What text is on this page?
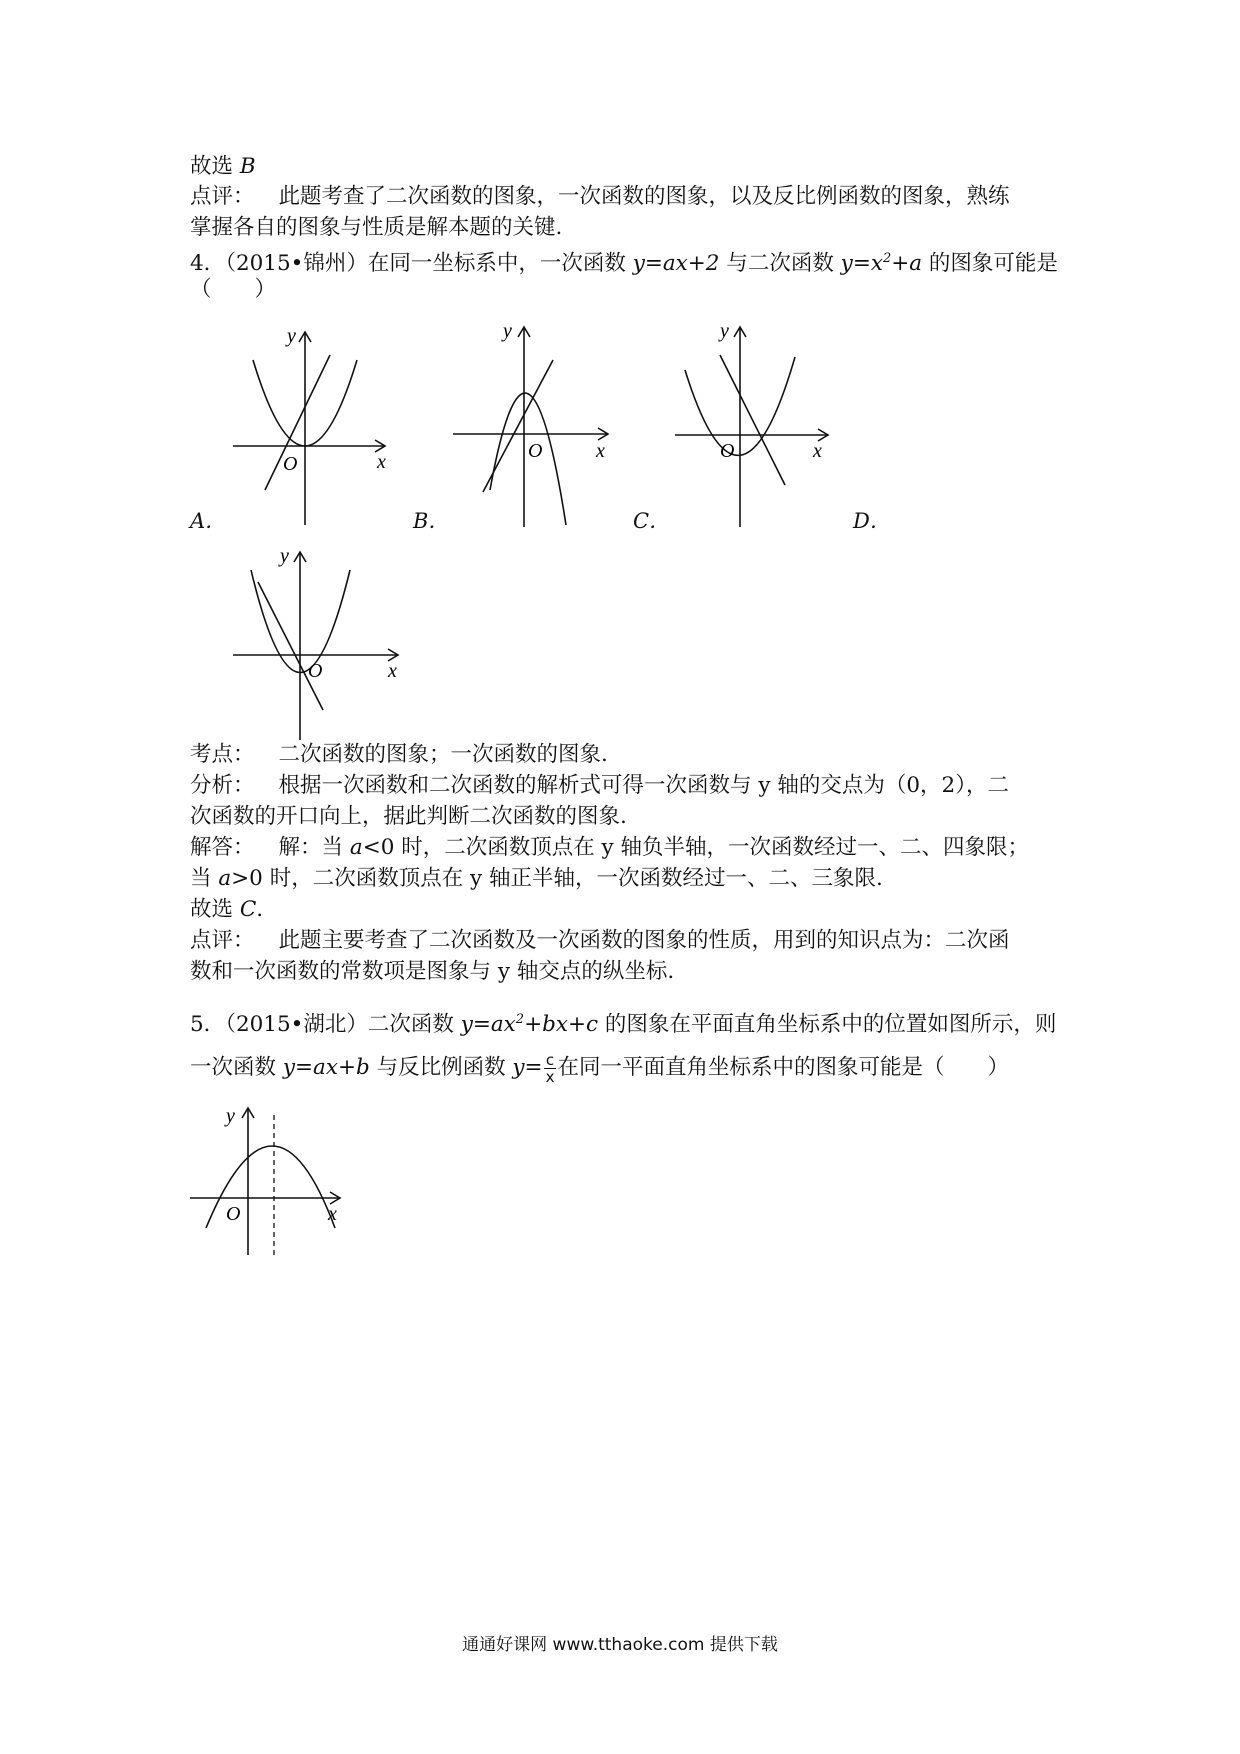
故选 B
点评： 此题考查了二次函数的图象，一次函数的图象，以及反比例函数的图象，熟练
掌握各自的图象与性质是解本题的关键.
4．（2015•锦州）在同一坐标系中，一次函数 y=ax+2 与二次函数 $y=x^2+a$ 的图象可能是
（　　）
y
x
O
A．
y
x
O
B．
y
x
O
C．	D．
y
x
O
考点： 二次函数的图象；一次函数的图象.
分析： 根据一次函数和二次函数的解析式可得一次函数与 y 轴的交点为（0，2），二
次函数的开口向上，据此判断二次函数的图象.
解答： 解：当 a<0 时，二次函数顶点在 y 轴负半轴，一次函数经过一、二、四象限；
当 a>0 时，二次函数顶点在 y 轴正半轴，一次函数经过一、二、三象限.
故选 C.
点评： 此题主要考查了二次函数及一次函数的图象的性质，用到的知识点为：二次函
数和一次函数的常数项是图象与 y 轴交点的纵坐标.
5．（2015•湖北）二次函数 $y=ax^2+bx+c$ 的图象在平面直角坐标系中的位置如图所示，则
一次函数 y=ax+b 与反比例函数 $y= \frac{c}{x}$ 在同一平面直角坐标系中的图象可能是（　　）
y
x
O
通通好课网 www.tthaoke.com 提供下载
